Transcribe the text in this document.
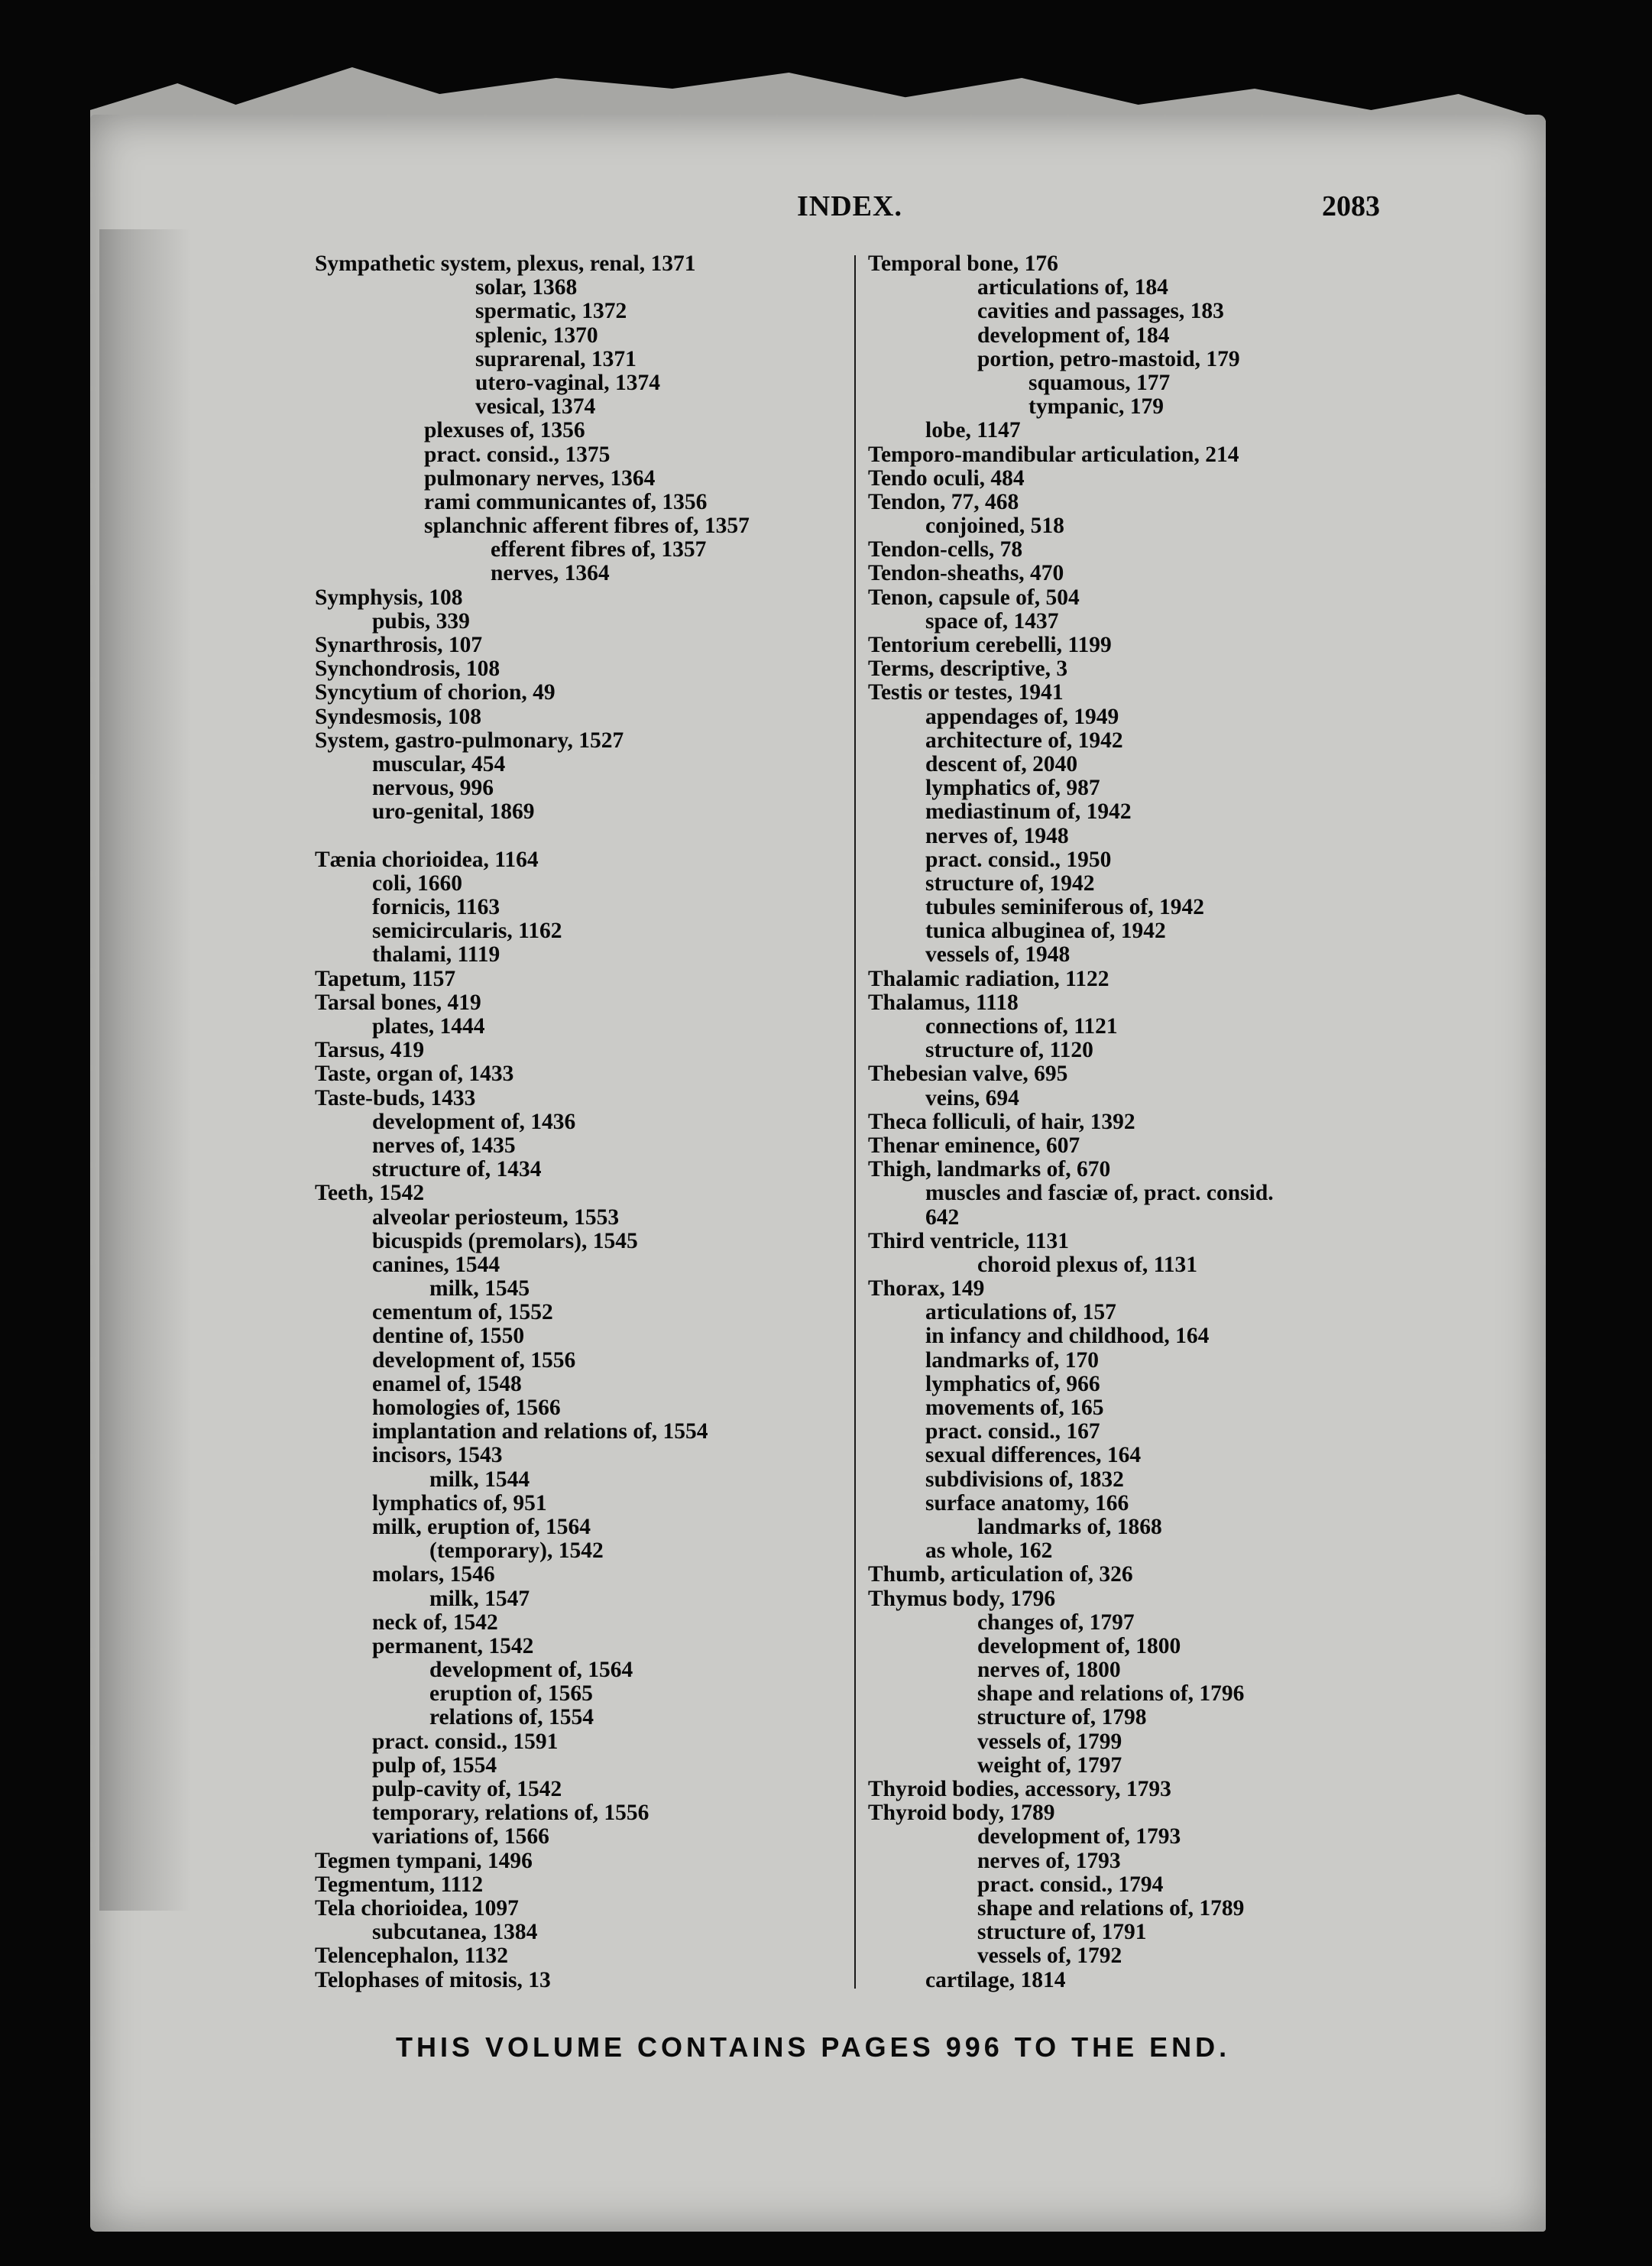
INDEX.	2083
Sympathetic system, plexus, renal, 1371
solar, 1368
spermatic, 1372
splenic, 1370
suprarenal, 1371
utero-vaginal, 1374
vesical, 1374
plexuses of, 1356
pract. consid., 1375
pulmonary nerves, 1364
rami communicantes of, 1356
splanchnic afferent fibres of, 1357
efferent fibres of, 1357
nerves, 1364
Symphysis, 108
pubis, 339
Synarthrosis, 107
Synchondrosis, 108
Syncytium of chorion, 49
Syndesmosis, 108
System, gastro-pulmonary, 1527
muscular, 454
nervous, 996
uro-genital, 1869
Tænia chorioidea, 1164
coli, 1660
fornicis, 1163
semicircularis, 1162
thalami, 1119
Tapetum, 1157
Tarsal bones, 419
plates, 1444
Tarsus, 419
Taste, organ of, 1433
Taste-buds, 1433
development of, 1436
nerves of, 1435
structure of, 1434
Teeth, 1542
alveolar periosteum, 1553
bicuspids (premolars), 1545
canines, 1544
milk, 1545
cementum of, 1552
dentine of, 1550
development of, 1556
enamel of, 1548
homologies of, 1566
implantation and relations of, 1554
incisors, 1543
milk, 1544
lymphatics of, 951
milk, eruption of, 1564
(temporary), 1542
molars, 1546
milk, 1547
neck of, 1542
permanent, 1542
development of, 1564
eruption of, 1565
relations of, 1554
pract. consid., 1591
pulp of, 1554
pulp-cavity of, 1542
temporary, relations of, 1556
variations of, 1566
Tegmen tympani, 1496
Tegmentum, 1112
Tela chorioidea, 1097
subcutanea, 1384
Telencephalon, 1132
Telophases of mitosis, 13
Temporal bone, 176
articulations of, 184
cavities and passages, 183
development of, 184
portion, petro-mastoid, 179
squamous, 177
tympanic, 179
lobe, 1147
Temporo-mandibular articulation, 214
Tendo oculi, 484
Tendon, 77, 468
conjoined, 518
Tendon-cells, 78
Tendon-sheaths, 470
Tenon, capsule of, 504
space of, 1437
Tentorium cerebelli, 1199
Terms, descriptive, 3
Testis or testes, 1941
appendages of, 1949
architecture of, 1942
descent of, 2040
lymphatics of, 987
mediastinum of, 1942
nerves of, 1948
pract. consid., 1950
structure of, 1942
tubules seminiferous of, 1942
tunica albuginea of, 1942
vessels of, 1948
Thalamic radiation, 1122
Thalamus, 1118
connections of, 1121
structure of, 1120
Thebesian valve, 695
veins, 694
Theca folliculi, of hair, 1392
Thenar eminence, 607
Thigh, landmarks of, 670
muscles and fasciæ of, pract. consid.
642
Third ventricle, 1131
choroid plexus of, 1131
Thorax, 149
articulations of, 157
in infancy and childhood, 164
landmarks of, 170
lymphatics of, 966
movements of, 165
pract. consid., 167
sexual differences, 164
subdivisions of, 1832
surface anatomy, 166
landmarks of, 1868
as whole, 162
Thumb, articulation of, 326
Thymus body, 1796
changes of, 1797
development of, 1800
nerves of, 1800
shape and relations of, 1796
structure of, 1798
vessels of, 1799
weight of, 1797
Thyroid bodies, accessory, 1793
Thyroid body, 1789
development of, 1793
nerves of, 1793
pract. consid., 1794
shape and relations of, 1789
structure of, 1791
vessels of, 1792
cartilage, 1814
THIS VOLUME CONTAINS PAGES 996 TO THE END.
